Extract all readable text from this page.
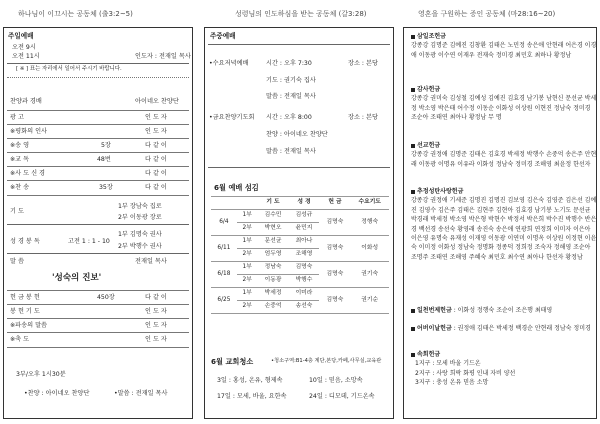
하나님이 이끄시는 공동체 (출3:2~5)	성령님의 인도하심을 받는 공동체 (갈3:28)	영혼을 구원하는 증인 공동체 (마28:16~20)
주일예배
오전 9시
오전 11시	인도자 : 전재일 목사
[ ※ ] 표는 자리에서 일어서 주시기 바랍니다.
찬양과 경배	아이네오 찬양단
광 고	인 도 자
※평화의 인사	인 도 자
※송 영	5장	다 같 이
※교 독	48번	다 같 이
※사 도 신 경	다 같 이
※찬 송	35장	다 같 이
기 도
1부 장남숙 집로
2부 이동광 장로
성 경 봉 독	고전 1 : 1 - 10
1부 김명숙 권사
2부 박행수 권사
말 씀	전재일 목사
'성숙의 진보'
헌 금 봉 헌	450장	다 같 이
봉 헌 기 도	인 도 자
※파송의 말씀	인 도 자
※축 도	인 도 자
3부/오후 1시30분
•찬양 : 아이네오 찬양단	•말씀 : 전재일 목사
주중예배
•수요저녁예배	시간 : 오후 7:30	장소 : 본당
기도 : 권기숙 집사
말씀 : 전재일 목사
•금요찬양기도회 시간 : 오후 8:00	장소 : 본당
찬양 : 아이네오 찬양단
말씀 : 전재일 목사
6월 예배 섬김
		기 도	성 경	헌 금	수요기도
6/4	1부	김수민	김성규	김명숙	정행숙
	2부	박현오	윤민지		
6/11	1부	문선균	최아나	김명숙	이화성
	2부	엄두영	조해영		
6/18	1부	정남숙	김명숙	김명숙	권기숙
	2부	이동광	박행수		
6/25	1부	박세정	이미라	김명숙	권기순
	2부	손중억	송선숙		
6월 교회청소	•청소구역:B1-4층 계단,본당,카페,사무실,교육관
3일 : 홍성, 온유, 형제속	10일 : 믿음, 소망속
17일 : 모세, 바울, 요한속	24일 : 디모데, 기드온속
삼일조헌금
강종강 김명준 김예진 김창환 김태은 노민정 송은애 안현래 어은경 이경애 이동광 이수연 이재우 전재숙 정미경 최민호 최하나 황정남
감사헌금
강종강 권미숙 김성철 김예성 김예진 김효경 남기봉 남현신 문선균 박세정 박소영 박은태 어수정 이동순 이화성 이상원 이현진 정남숙 정미경 조순아 조태연 최아나 황정남 무 명
선교헌금
강종강 권정애 김명준 김태은 김효경 박세정 박행수 손중억 송은주 안현래 이동광 이명유 이유라 이화성 정남숙 정미경 조해영 최윤정 한선자
추정성탄사랑헌금
강종강 권정애 기세준 김명진 김명진 김보영 김은숙 김영준 김은선 김예진 김영수 김은주 김태은 김현주 김현아 김효경 남기봉 노기도 문선균 박경래 박세정 박소영 박은형 박현수 박정서 박은희 박수진 박행수 반은경 백선경 송선숙 황영래 송진숙 송은애 연광희 연정희 이미자 이은아 이은영 유명숙 유재성 이재영 이동광 이연미 이명옥 이상원 이정현 이윤숙 이미정 이화성 정남숙 정명화 정종덕 정희정 조숙자 정해영 조순아 조명주 조태연 조해영 주혜숙 최민호 최수연 최아나 한선자 황정남
일천번제헌금 : 이화성 정행숙 조순이 조은행 최태영
어버이날헌금 : 권정애 김태은 박세정 백경순 안현래 정남숙 정미경
속회헌금
1지구 : 모세 바울 기드온
2지구 : 사랑 희락 화평 인내 자비 양선
3지구 : 충성 온유 믿음 소망
